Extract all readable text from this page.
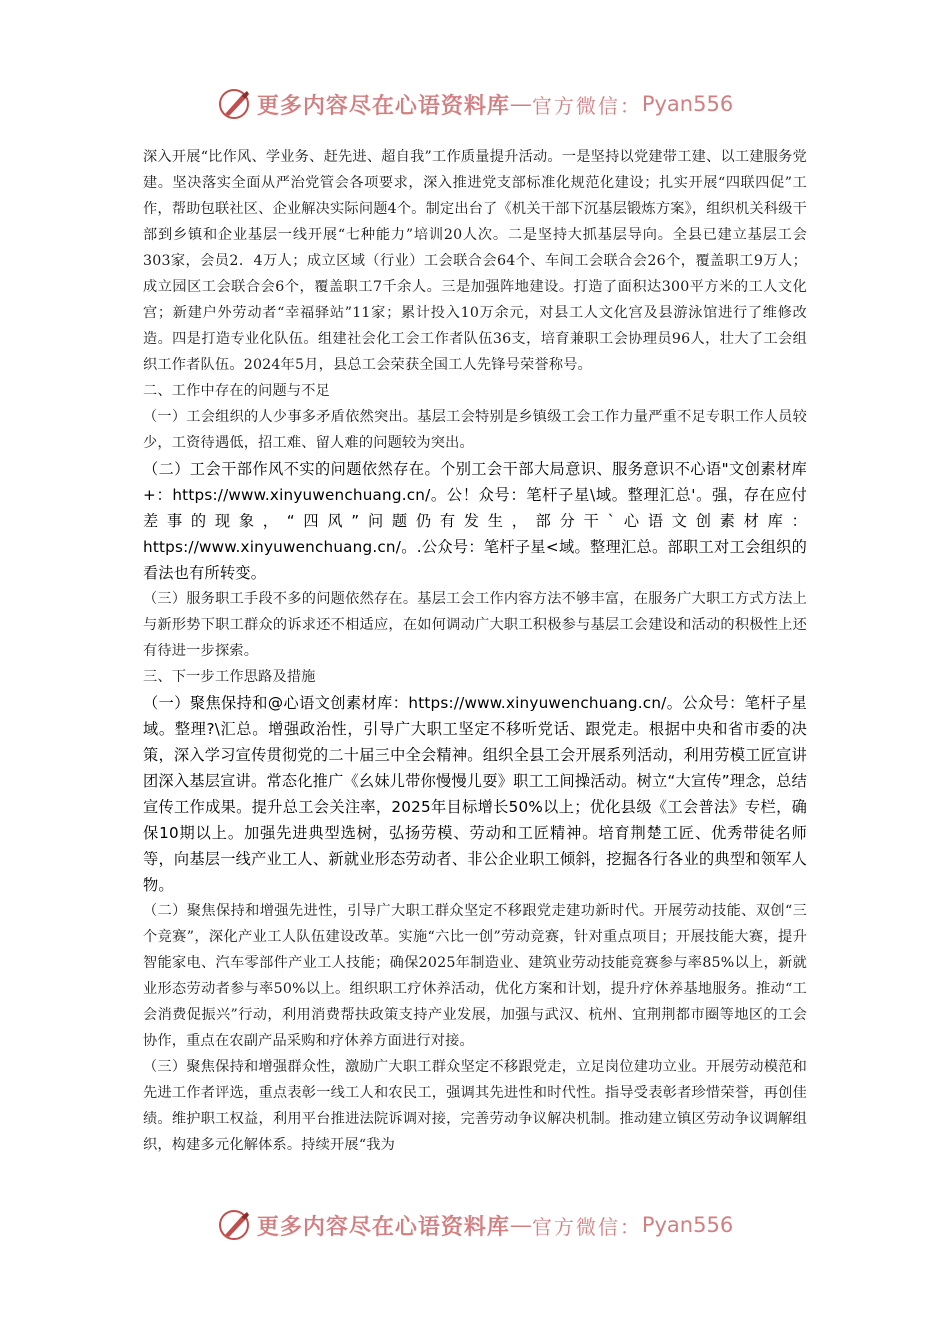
更多内容尽在心语资料库 — 官方微信： Pyan556

深入开展“比作风、学业务、赶先进、超自我”工作质量提升活动。一是坚持以党建带工建、以工建服务党建。坚决落实全面从严治党管会各项要求，深入推进党支部标准化规范化建设；扎实开展“四联四促”工作，帮助包联社区、企业解决实际问题4个。制定出台了《机关干部下沉基层锻炼方案》，组织机关科级干部到乡镇和企业基层一线开展“七种能力”培训20人次。二是坚持大抓基层导向。全县已建立基层工会303家，会员2．4万人；成立区域（行业）工会联合会64个、车间工会联合会26个，覆盖职工9万人；成立园区工会联合会6个，覆盖职工7千余人。三是加强阵地建设。打造了面积达300平方米的工人文化宫；新建户外劳动者“幸福驿站”11家；累计投入10万余元，对县工人文化宫及县游泳馆进行了维修改造。四是打造专业化队伍。组建社会化工会工作者队伍36支，培育兼职工会协理员96人，壮大了工会组织工作者队伍。2024年5月，县总工会荣获全国工人先锋号荣誉称号。

二、工作中存在的问题与不足

（一）工会组织的人少事多矛盾依然突出。基层工会特别是乡镇级工会工作力量严重不足专职工作人员较少，工资待遇低，招工难、留人难的问题较为突出。

（二）工会干部作风不实的问题依然存在。个别工会干部大局意识、服务意识不心语"文创素材库+：https://www.xinyuwenchuang.cn/。公！众号：笔杆子星\域。整理汇总'。强，存在应付差事的现象，“四风”问题仍有发生，部分干`心语文创素材库：https://www.xinyuwenchuang.cn/。.公众号：笔杆子星<域。整理汇总。部职工对工会组织的看法也有所转变。

（三）服务职工手段不多的问题依然存在。基层工会工作内容方法不够丰富，在服务广大职工方式方法上与新形势下职工群众的诉求还不相适应，在如何调动广大职工积极参与基层工会建设和活动的积极性上还有待进一步探索。

三、下一步工作思路及措施

（一）聚焦保持和@心语文创素材库：https://www.xinyuwenchuang.cn/。公众号：笔杆子星域。整理?\汇总。增强政治性，引导广大职工坚定不移听党话、跟党走。根据中央和省市委的决策，深入学习宣传贯彻党的二十届三中全会精神。组织全县工会开展系列活动，利用劳模工匠宣讲团深入基层宣讲。常态化推广《幺妹儿带你慢慢儿耍》职工工间操活动。树立“大宣传”理念，总结宣传工作成果。提升总工会关注率，2025年目标增长50%以上；优化县级《工会普法》专栏，确保10期以上。加强先进典型选树，弘扬劳模、劳动和工匠精神。培育荆楚工匠、优秀带徒名师等，向基层一线产业工人、新就业形态劳动者、非公企业职工倾斜，挖掘各行各业的典型和领军人物。

（二）聚焦保持和增强先进性，引导广大职工群众坚定不移跟党走建功新时代。开展劳动技能、双创“三个竞赛”，深化产业工人队伍建设改革。实施“六比一创”劳动竞赛，针对重点项目；开展技能大赛，提升智能家电、汽车零部件产业工人技能；确保2025年制造业、建筑业劳动技能竞赛参与率85%以上，新就业形态劳动者参与率50%以上。组织职工疗休养活动，优化方案和计划，提升疗休养基地服务。推动“工会消费促振兴”行动，利用消费帮扶政策支持产业发展，加强与武汉、杭州、宜荆荆都市圈等地区的工会协作，重点在农副产品采购和疗休养方面进行对接。

（三）聚焦保持和增强群众性，激励广大职工群众坚定不移跟党走，立足岗位建功立业。开展劳动模范和先进工作者评选，重点表彰一线工人和农民工，强调其先进性和时代性。指导受表彰者珍惜荣誉，再创佳绩。维护职工权益，利用平台推进法院诉调对接，完善劳动争议解决机制。推动建立镇区劳动争议调解组织，构建多元化解体系。持续开展“我为

更多内容尽在心语资料库 — 官方微信： Pyan556
